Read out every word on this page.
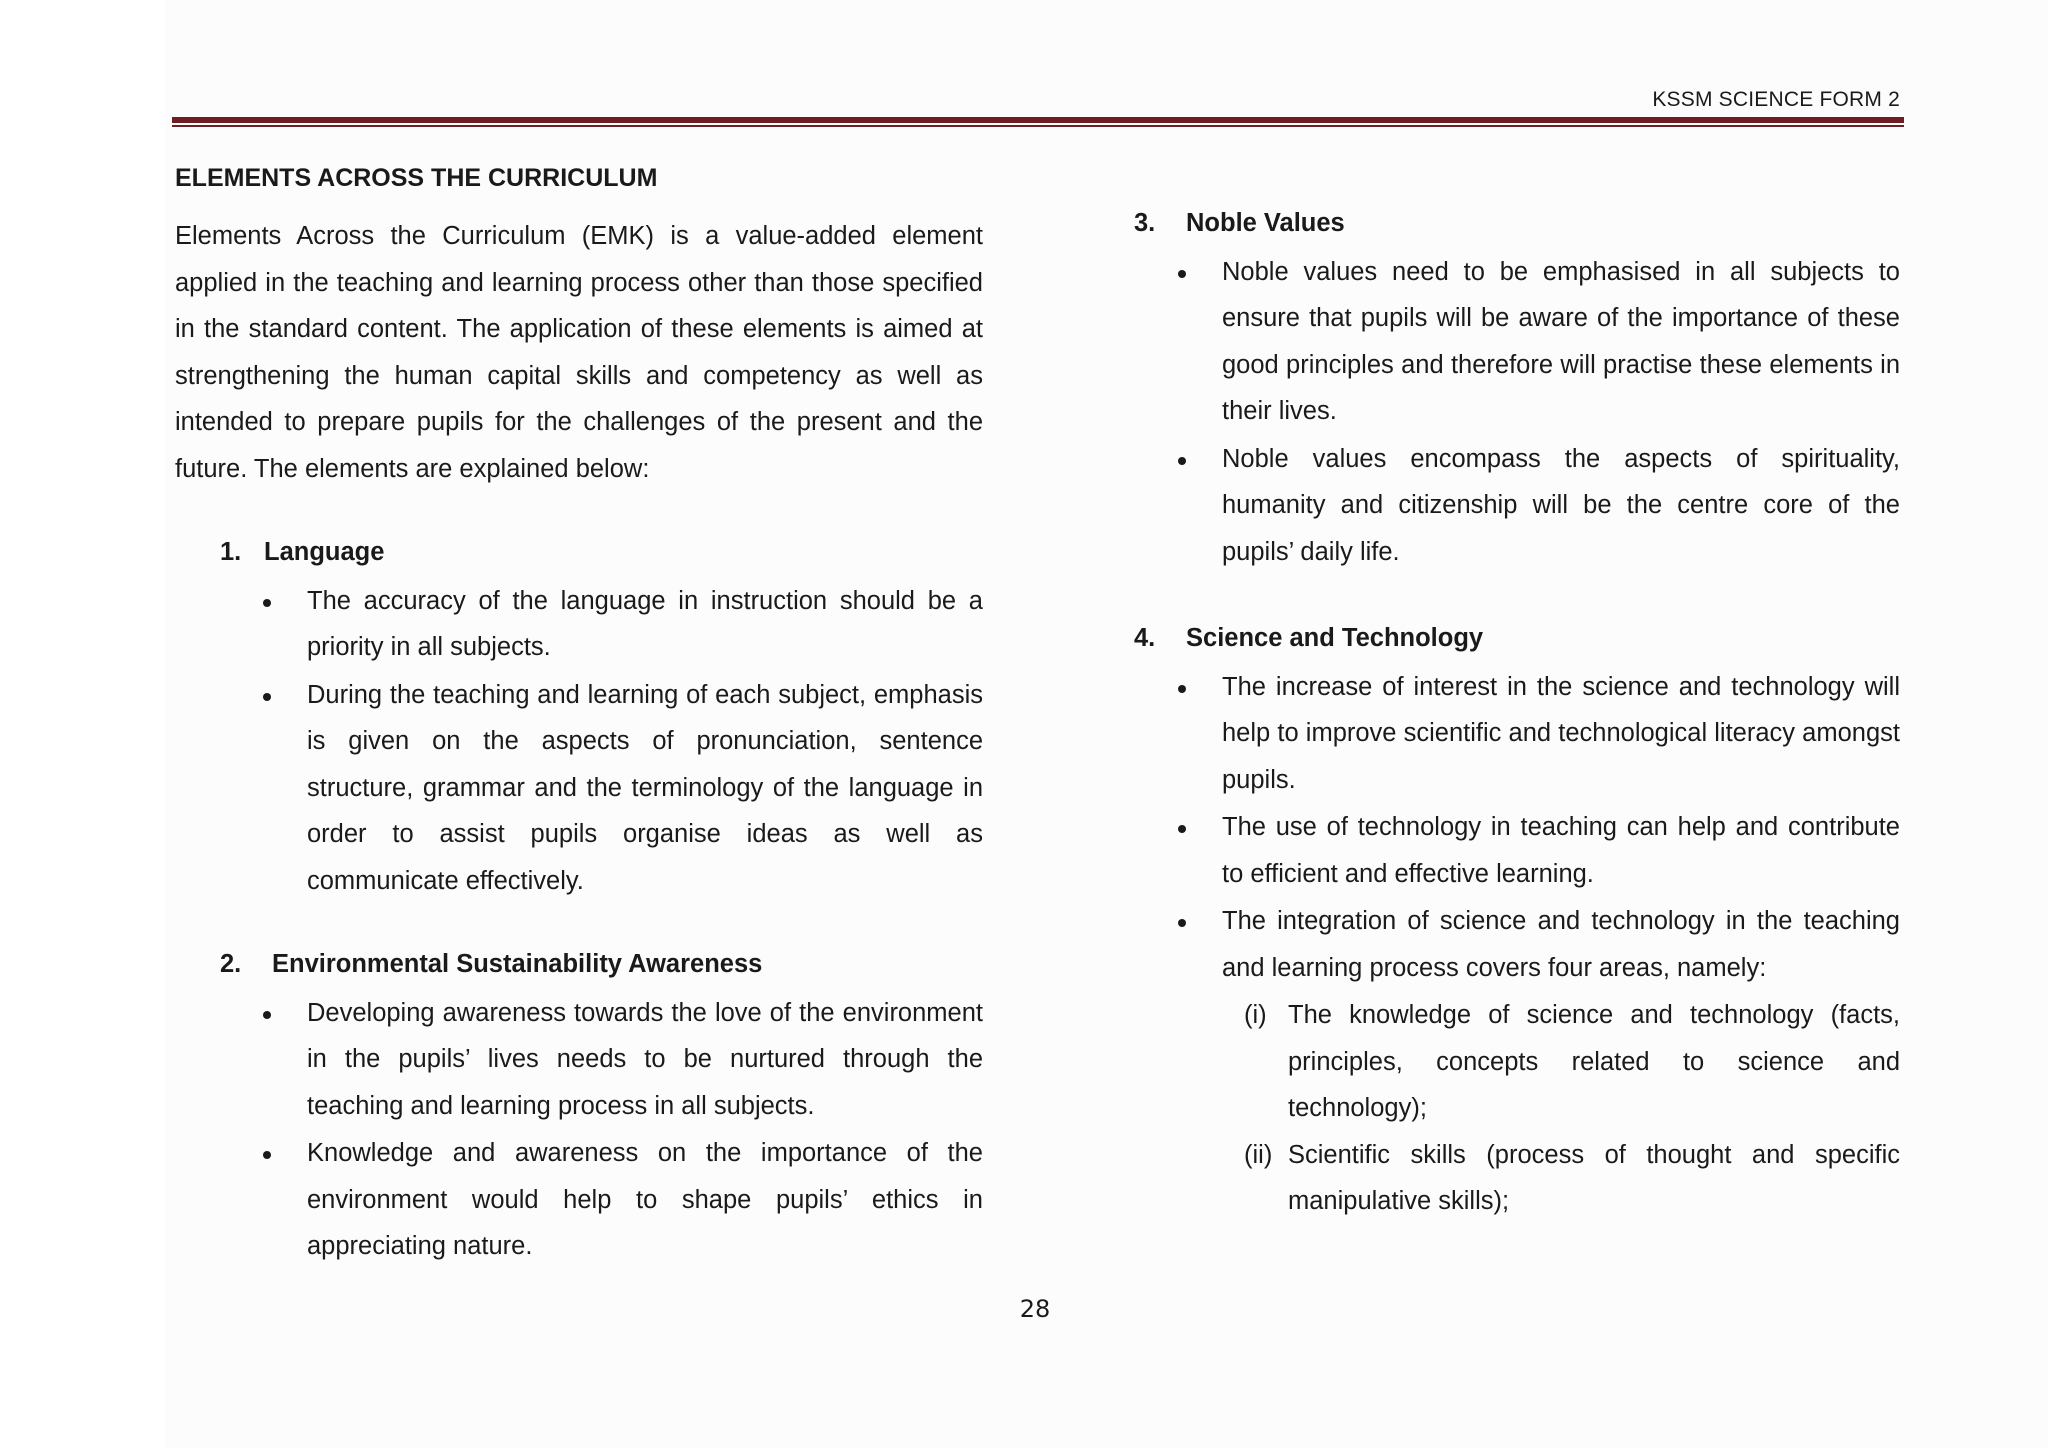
KSSM SCIENCE FORM 2
ELEMENTS ACROSS THE CURRICULUM

Elements Across the Curriculum (EMK) is a value-added element applied in the teaching and learning process other than those specified in the standard content. The application of these elements is aimed at strengthening the human capital skills and competency as well as intended to prepare pupils for the challenges of the present and the future. The elements are explained below:

1. Language
The accuracy of the language in instruction should be a priority in all subjects.
During the teaching and learning of each subject, emphasis is given on the aspects of pronunciation, sentence structure, grammar and the terminology of the language in order to assist pupils organise ideas as well as communicate effectively.
2.	Environmental Sustainability Awareness
Developing awareness towards the love of the environment in the pupils’ lives needs to be nurtured through the teaching and learning process in all subjects.
Knowledge and awareness on the importance of the environment would help to shape pupils’ ethics in appreciating nature.
3.	Noble Values
Noble values need to be emphasised in all subjects to ensure that pupils will be aware of the importance of these good principles and therefore will practise these elements in their lives.
Noble values encompass the aspects of spirituality, humanity and citizenship will be the centre core of the pupils’ daily life.
4.	Science and Technology
The increase of interest in the science and technology will help to improve scientific and technological literacy amongst pupils.
The use of technology in teaching can help and contribute to efficient and effective learning.
The integration of science and technology in the teaching and learning process covers four areas, namely:
(i) The knowledge of science and technology (facts, principles, concepts related to science and technology);
(ii) Scientific skills (process of thought and specific manipulative skills);
28
